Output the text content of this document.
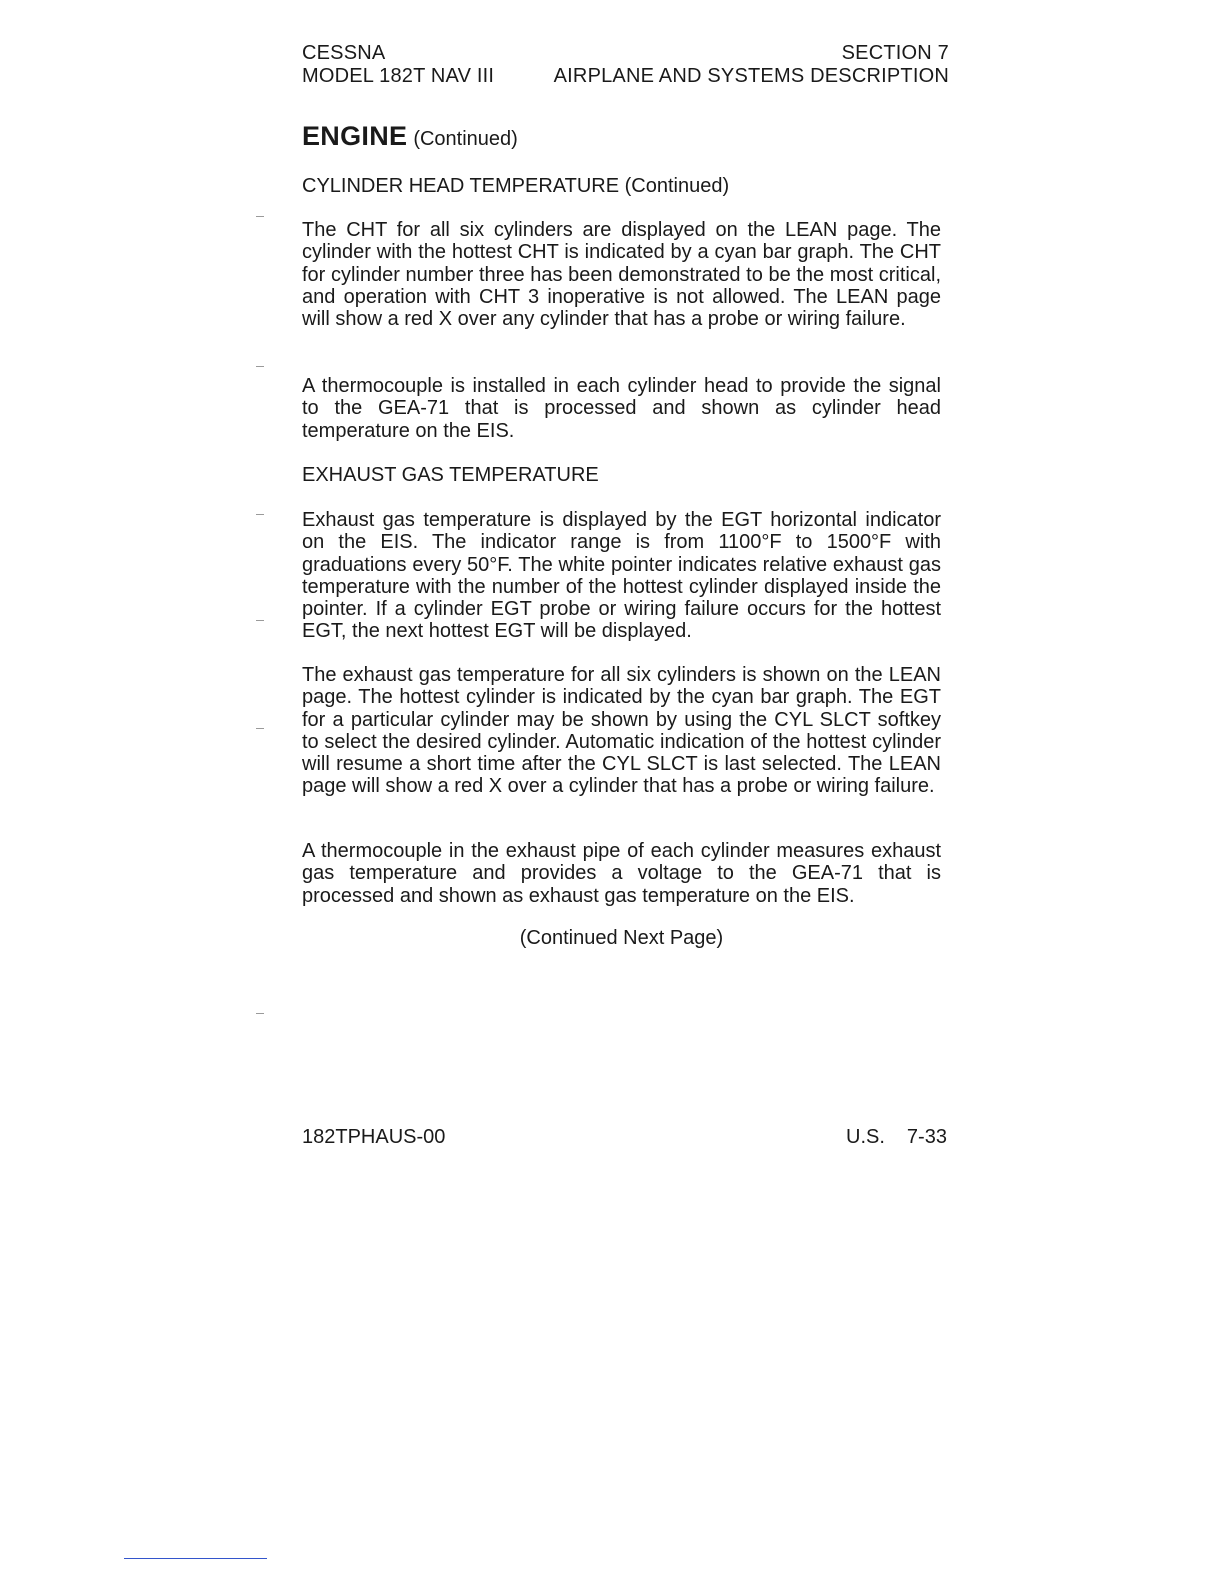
CESSNA
MODEL 182T NAV III
SECTION 7
AIRPLANE AND SYSTEMS DESCRIPTION
ENGINE (Continued)
CYLINDER HEAD TEMPERATURE (Continued)

The CHT for all six cylinders are displayed on the LEAN page. The cylinder with the hottest CHT is indicated by a cyan bar graph. The CHT for cylinder number three has been demonstrated to be the most critical, and operation with CHT 3 inoperative is not allowed. The LEAN page will show a red X over any cylinder that has a probe or wiring failure.

A thermocouple is installed in each cylinder head to provide the signal to the GEA-71 that is processed and shown as cylinder head temperature on the EIS.

EXHAUST GAS TEMPERATURE

Exhaust gas temperature is displayed by the EGT horizontal indicator on the EIS. The indicator range is from 1100°F to 1500°F with graduations every 50°F. The white pointer indicates relative exhaust gas temperature with the number of the hottest cylinder displayed inside the pointer. If a cylinder EGT probe or wiring failure occurs for the hottest EGT, the next hottest EGT will be displayed.

The exhaust gas temperature for all six cylinders is shown on the LEAN page. The hottest cylinder is indicated by the cyan bar graph. The EGT for a particular cylinder may be shown by using the CYL SLCT softkey to select the desired cylinder. Automatic indication of the hottest cylinder will resume a short time after the CYL SLCT is last selected. The LEAN page will show a red X over a cylinder that has a probe or wiring failure.

A thermocouple in the exhaust pipe of each cylinder measures exhaust gas temperature and provides a voltage to the GEA-71 that is processed and shown as exhaust gas temperature on the EIS.

(Continued Next Page)
182TPHAUS-00	U.S. 7-33
